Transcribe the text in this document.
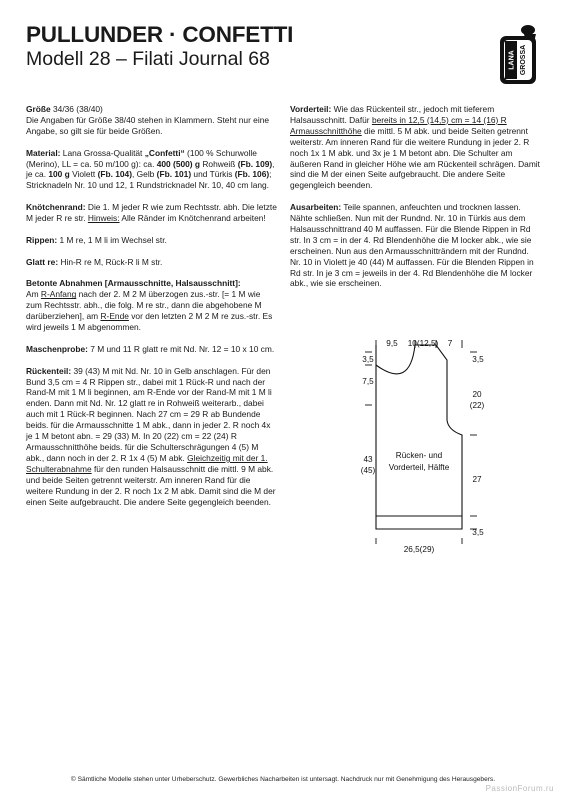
PULLUNDER · CONFETTI
Modell 28 – Filati Journal 68	LANA GROSSA

Größe 34/36 (38/40)

Die Angaben für Größe 38/40 stehen in Klammern. Steht nur eine Angabe, so gilt sie für beide Größen.

Material: Lana Grossa-Qualität „Confetti“ (100 % Schurwolle (Merino), LL = ca. 50 m/100 g): ca. 400 (500) g Rohweiß (Fb. 109), je ca. 100 g Violett (Fb. 104), Gelb (Fb. 101) und Türkis (Fb. 106); Stricknadeln Nr. 10 und 12, 1 Rundstricknadel Nr. 10, 40 cm lang.

Knötchenrand: Die 1. M jeder R wie zum Rechtsstr. abh. Die letzte M jeder R re str. Hinweis: Alle Ränder im Knötchenrand arbeiten!

Rippen: 1 M re, 1 M li im Wechsel str.

Glatt re: Hin-R re M, Rück-R li M str.

Betonte Abnahmen [Armausschnitte, Halsausschnitt]:

Am R-Anfang nach der 2. M 2 M überzogen zus.-str. [= 1 M wie zum Rechtsstr. abh., die folg. M re str., dann die abgehobene M darüberziehen], am R-Ende vor den letzten 2 M 2 M re zus.-str. Es wird jeweils 1 M abgenommen.

Maschenprobe: 7 M und 11 R glatt re mit Nd. Nr. 12 = 10 x 10 cm.

Rückenteil: 39 (43) M mit Nd. Nr. 10 in Gelb anschlagen. Für den Bund 3,5 cm = 4 R Rippen str., dabei mit 1 Rück-R und nach der Rand-M mit 1 M li beginnen, am R-Ende vor der Rand-M mit 1 M li enden. Dann mit Nd. Nr. 12 glatt re in Rohweiß weiterarb., dabei auch mit 1 Rück-R beginnen. Nach 27 cm = 29 R ab Bundende beids. für die Armausschnitte 1 M abk., dann in jeder 2. R noch 4x je 1 M betont abn. = 29 (33) M. In 20 (22) cm = 22 (24) R Armausschnitthöhe beids. für die Schulterschrägungen 4 (5) M abk., dann noch in der 2. R 1x 4 (5) M abk. Gleichzeitig mit der 1. Schulterabnahme für den runden Halsausschnitt die mittl. 9 M abk. und beide Seiten getrennt weiterstr. Am inneren Rand für die weitere Rundung in der 2. R noch 1x 2 M abk. Damit sind die M der einen Seite aufgebraucht. Die andere Seite gegengleich beenden.

Vorderteil: Wie das Rückenteil str., jedoch mit tieferem Halsausschnitt. Dafür bereits in 12,5 (14,5) cm = 14 (16) R Armausschnitthöhe die mittl. 5 M abk. und beide Seiten getrennt weiterstr. Am inneren Rand für die weitere Rundung in jeder 2. R noch 1x 1 M abk. und 3x je 1 M betont abn. Die Schulter am äußeren Rand in gleicher Höhe wie am Rückenteil schrägen. Damit sind die M der einen Seite aufgebraucht. Die andere Seite gegengleich beenden.

Ausarbeiten: Teile spannen, anfeuchten und trocknen lassen. Nähte schließen. Nun mit der Rundnd. Nr. 10 in Türkis aus dem Halsausschnittrand 40 M auffassen. Für die Blende Rippen in Rd str. In 3 cm = in der 4. Rd Blendenhöhe die M locker abk., wie sie erscheinen. Nun aus den Armausschnitträndern mit der Rundnd. Nr. 10 in Violett je 40 (44) M auffassen. Für die Blenden Rippen in Rd str. In je 3 cm = jeweils in der 4. Rd Blendenhöhe die M locker abk., wie sie erscheinen.

9,5 10(12,5) 7
3,5
7,5
43
(45)
3,5
20
(22)
27
3,5
26,5(29)
Rücken- und
Vorderteil, Hälfte
© Sämtliche Modelle stehen unter Urheberschutz. Gewerbliches Nacharbeiten ist untersagt. Nachdruck nur mit Genehmigung des Herausgebers.
PassionForum.ru
